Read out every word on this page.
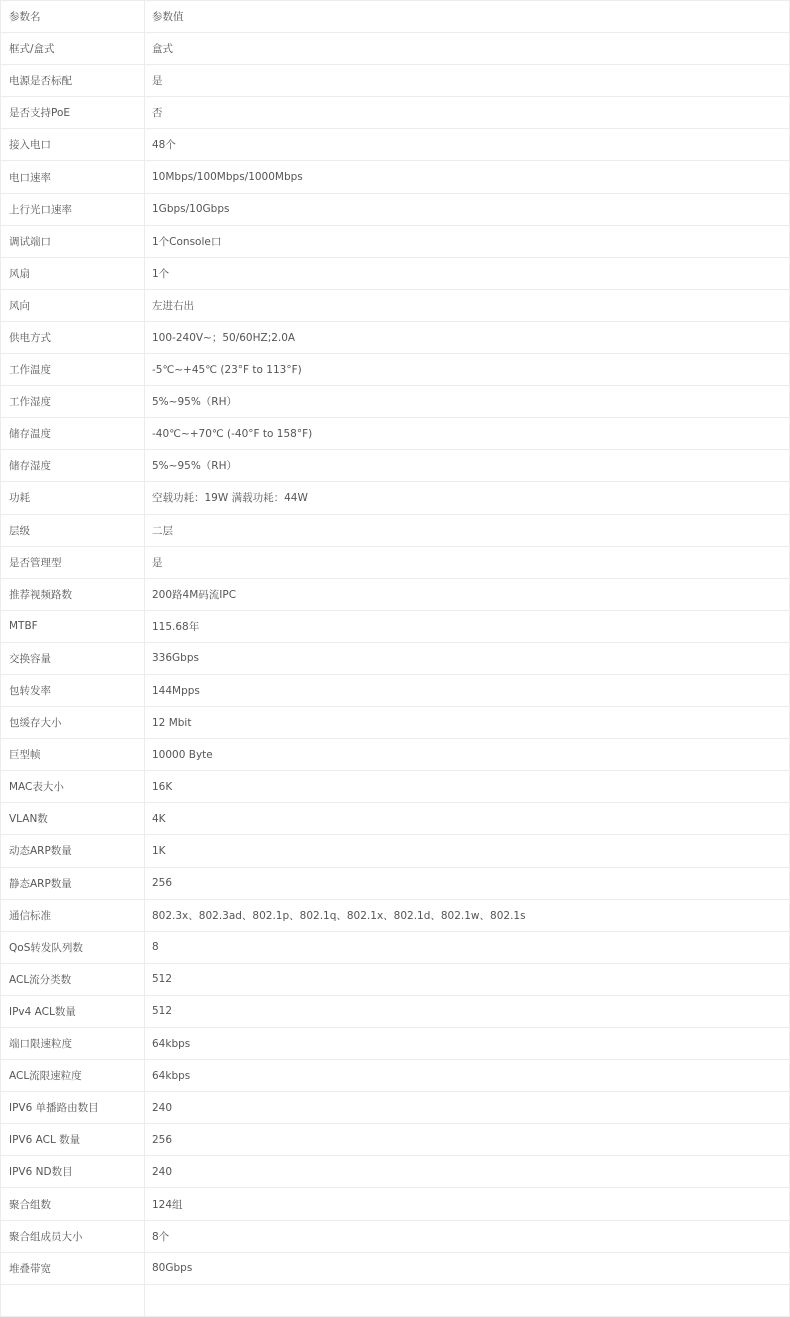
参数名	参数值
框式/盒式	盒式
电源是否标配	是
是否支持PoE	否
接入电口	48个
电口速率	10Mbps/100Mbps/1000Mbps
上行光口速率	1Gbps/10Gbps
调试端口	1个Console口
风扇	1个
风向	左进右出
供电方式	100-240V~；50/60HZ;2.0A
工作温度	-5℃~+45℃ (23°F to 113°F)
工作湿度	5%~95%（RH）
储存温度	-40℃~+70℃ (-40°F to 158°F)
储存湿度	5%~95%（RH）
功耗	空载功耗：19W 满载功耗：44W
层级	二层
是否管理型	是
推荐视频路数	200路4M码流IPC
MTBF	115.68年
交换容量	336Gbps
包转发率	144Mpps
包缓存大小	12 Mbit
巨型帧	10000 Byte
MAC表大小	16K
VLAN数	4K
动态ARP数量	1K
静态ARP数量	256
通信标准	802.3x、802.3ad、802.1p、802.1q、802.1x、802.1d、802.1w、802.1s
QoS转发队列数	8
ACL流分类数	512
IPv4 ACL数量	512
端口限速粒度	64kbps
ACL流限速粒度	64kbps
IPV6 单播路由数目	240
IPV6 ACL 数量	256
IPV6 ND数目	240
聚合组数	124组
聚合组成员大小	8个
堆叠带宽	80Gbps
